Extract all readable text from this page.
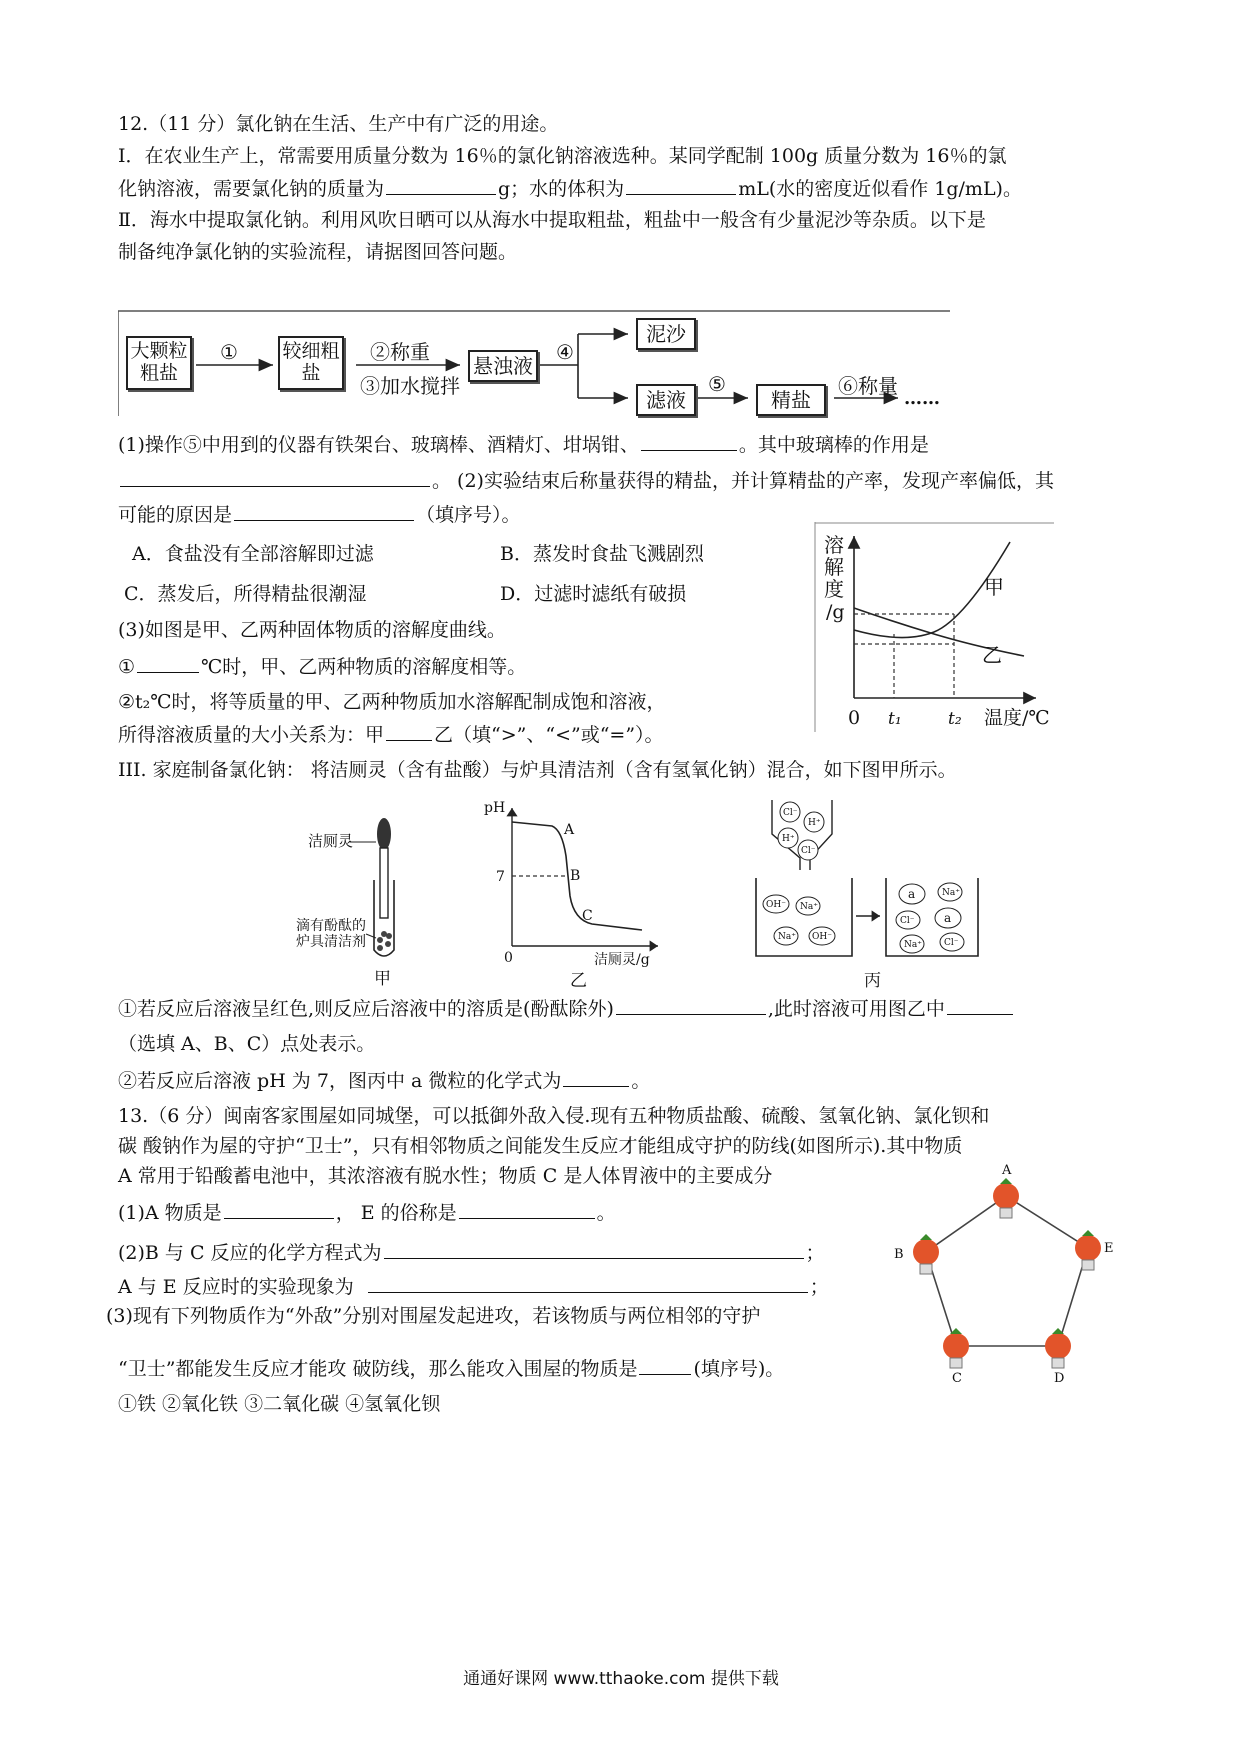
12.（11 分）氯化钠在生活、生产中有广泛的用途。
Ⅰ．在农业生产上，常需要用质量分数为 16％的氯化钠溶液选种。某同学配制 100g 质量分数为 16％的氯
化钠溶液，需要氯化钠的质量为	g；水的体积为	mL(水的密度近似看作 1g/mL)。
Ⅱ．海水中提取氯化钠。利用风吹日晒可以从海水中提取粗盐，粗盐中一般含有少量泥沙等杂质。以下是
制备纯净氯化钠的实验流程，请据图回答问题。
大颗粒粗盐
① 较细粗盐
②称重
③加水搅拌
悬浊液
④
泥沙
滤液
⑤
精盐
⑥称量
……
(1)操作⑤中用到的仪器有铁架台、玻璃棒、酒精灯、坩埚钳、	。其中玻璃棒的作用是
。 (2)实验结束后称量获得的精盐，并计算精盐的产率，发现产率偏低，其
可能的原因是	（填序号）。
A．食盐没有全部溶解即过滤	B．蒸发时食盐飞溅剧烈
C．蒸发后，所得精盐很潮湿	D．过滤时滤纸有破损
(3)如图是甲、乙两种固体物质的溶解度曲线。
①	℃时，甲、乙两种物质的溶解度相等。
②t₂℃时，将等质量的甲、乙两种物质加水溶解配制成饱和溶液，
所得溶液质量的大小关系为：甲	乙（填“>”、“<”或“=”）。
溶
解
度
/g
甲
乙
0 t₁	t₂ 温度/℃
III. 家庭制备氯化钠： 将洁厕灵（含有盐酸）与炉具清洁剂（含有氢氧化钠）混合，如下图甲所示。
洁厕灵
滴有酚酞的
炉具清洁剂
甲
pH
7
0
A
B
C
洁厕灵/g
乙
Cl⁻
H⁺
H⁺
Cl⁻
OH⁻ Na⁺
Na⁺ OH⁻
a	Na⁺
Cl⁻ a
Na⁺ Cl⁻
丙
①若反应后溶液呈红色,则反应后溶液中的溶质是(酚酞除外)	,此时溶液可用图乙中
（选填 A、B、C）点处表示。
②若反应后溶液 pH 为 7，图丙中 a 微粒的化学式为	。
13.（6 分）闽南客家围屋如同城堡，可以抵御外敌入侵.现有五种物质盐酸、硫酸、氢氧化钠、氯化钡和
碳 酸钠作为屋的守护“卫士”，只有相邻物质之间能发生反应才能组成守护的防线(如图所示).其中物质
A 常用于铅酸蓄电池中，其浓溶液有脱水性；物质 C 是人体胃液中的主要成分
(1)A 物质是	， E 的俗称是	。
(2)B 与 C 反应的化学方程式为	；
A 与 E 反应时的实验现象为	；
(3)现有下列物质作为“外敌”分别对围屋发起进攻，若该物质与两位相邻的守护
“卫士”都能发生反应才能攻 破防线，那么能攻入围屋的物质是	(填序号)。
①铁 ②氧化铁 ③二氧化碳 ④氢氧化钡
A
E
B
C	D
通通好课网 www.tthaoke.com 提供下载
